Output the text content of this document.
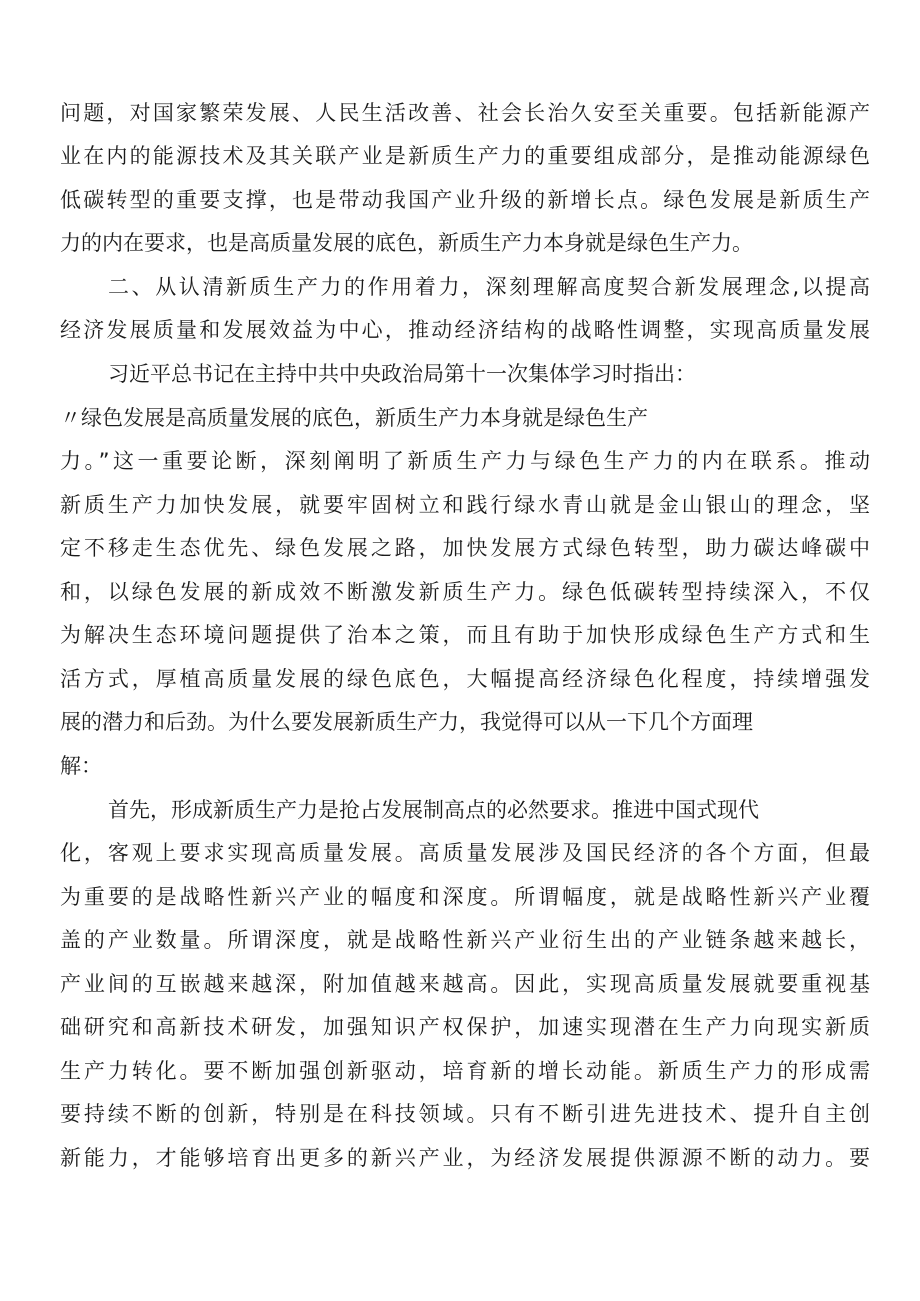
问题，对国家繁荣发展、人民生活改善、社会长治久安至关重要。包括新能源产
业在内的能源技术及其关联产业是新质生产力的重要组成部分，是推动能源绿色
低碳转型的重要支撑，也是带动我国产业升级的新增长点。绿色发展是新质生产
力的内在要求，也是高质量发展的底色，新质生产力本身就是绿色生产力。
二、从认清新质生产力的作用着力，深刻理解高度契合新发展理念,以提高
经济发展质量和发展效益为中心，推动经济结构的战略性调整，实现高质量发展
习近平总书记在主持中共中央政治局第十一次集体学习时指出：
〃绿色发展是高质量发展的底色，新质生产力本身就是绿色生产
力。”这一重要论断，深刻阐明了新质生产力与绿色生产力的内在联系。推动
新质生产力加快发展，就要牢固树立和践行绿水青山就是金山银山的理念，坚
定不移走生态优先、绿色发展之路，加快发展方式绿色转型，助力碳达峰碳中
和，以绿色发展的新成效不断激发新质生产力。绿色低碳转型持续深入，不仅
为解决生态环境问题提供了治本之策，而且有助于加快形成绿色生产方式和生
活方式，厚植高质量发展的绿色底色，大幅提高经济绿色化程度，持续增强发
展的潜力和后劲。为什么要发展新质生产力，我觉得可以从一下几个方面理
解：
首先，形成新质生产力是抢占发展制高点的必然要求。推进中国式现代
化，客观上要求实现高质量发展。高质量发展涉及国民经济的各个方面，但最
为重要的是战略性新兴产业的幅度和深度。所谓幅度，就是战略性新兴产业覆
盖的产业数量。所谓深度，就是战略性新兴产业衍生出的产业链条越来越长，
产业间的互嵌越来越深，附加值越来越高。因此，实现高质量发展就要重视基
础研究和高新技术研发，加强知识产权保护，加速实现潜在生产力向现实新质
生产力转化。要不断加强创新驱动，培育新的增长动能。新质生产力的形成需
要持续不断的创新，特别是在科技领域。只有不断引进先进技术、提升自主创
新能力，才能够培育出更多的新兴产业，为经济发展提供源源不断的动力。要
